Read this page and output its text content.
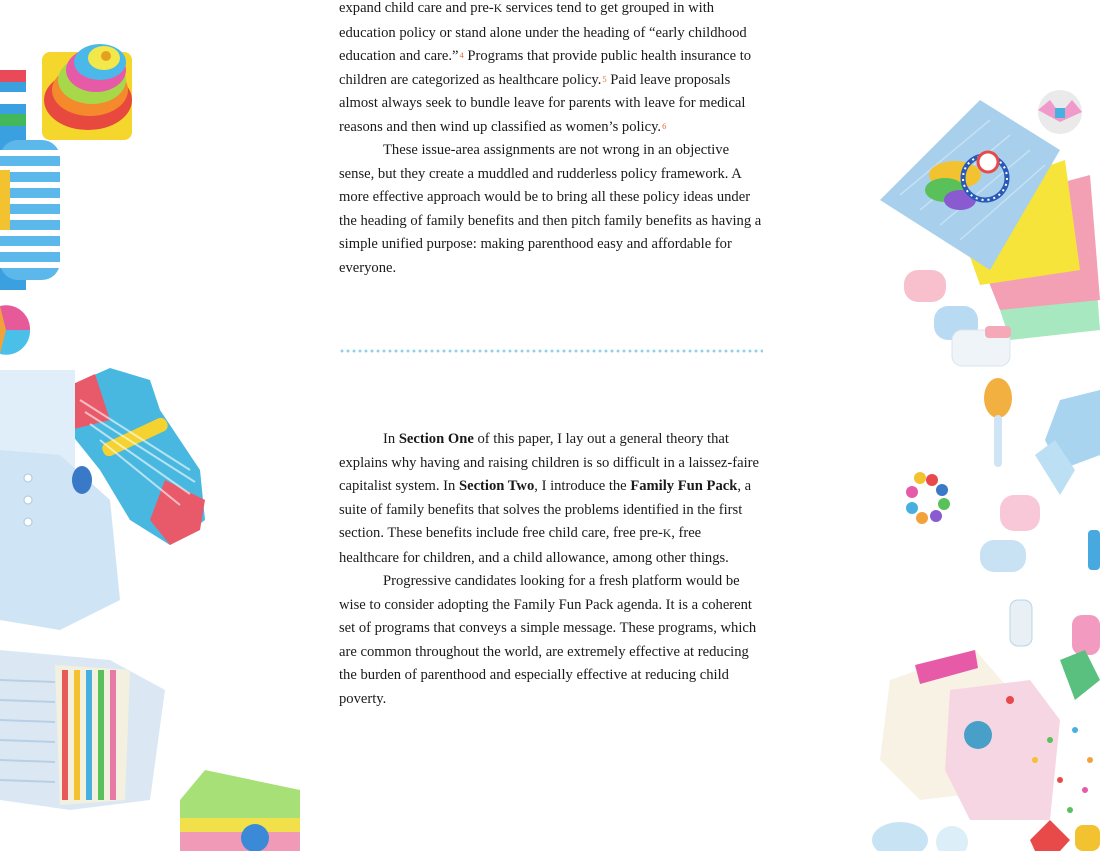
expand child care and pre-K services tend to get grouped in with education policy or stand alone under the heading of “early childhood education and care.”$^4$ Programs that provide public health insurance to children are categorized as healthcare policy.$^5$ Paid leave proposals almost always seek to bundle leave for parents with leave for medical reasons and then wind up classified as women’s policy.$^6$

These issue-area assignments are not wrong in an objective sense, but they create a muddled and rudderless policy framework. A more effective approach would be to bring all these policy ideas under the heading of family benefits and then pitch family benefits as having a simple unified purpose: making parenthood easy and affordable for everyone.

In Section One of this paper, I lay out a general theory that explains why having and raising children is so difficult in a laissez-faire capitalist system. In Section Two, I introduce the Family Fun Pack, a suite of family benefits that solves the problems identified in the first section. These benefits include free child care, free pre-K, free healthcare for children, and a child allowance, among other things.

Progressive candidates looking for a fresh platform would be wise to consider adopting the Family Fun Pack agenda. It is a coherent set of programs that conveys a simple message. These programs, which are common throughout the world, are extremely effective at reducing the burden of parenthood and especially effective at reducing child poverty.
